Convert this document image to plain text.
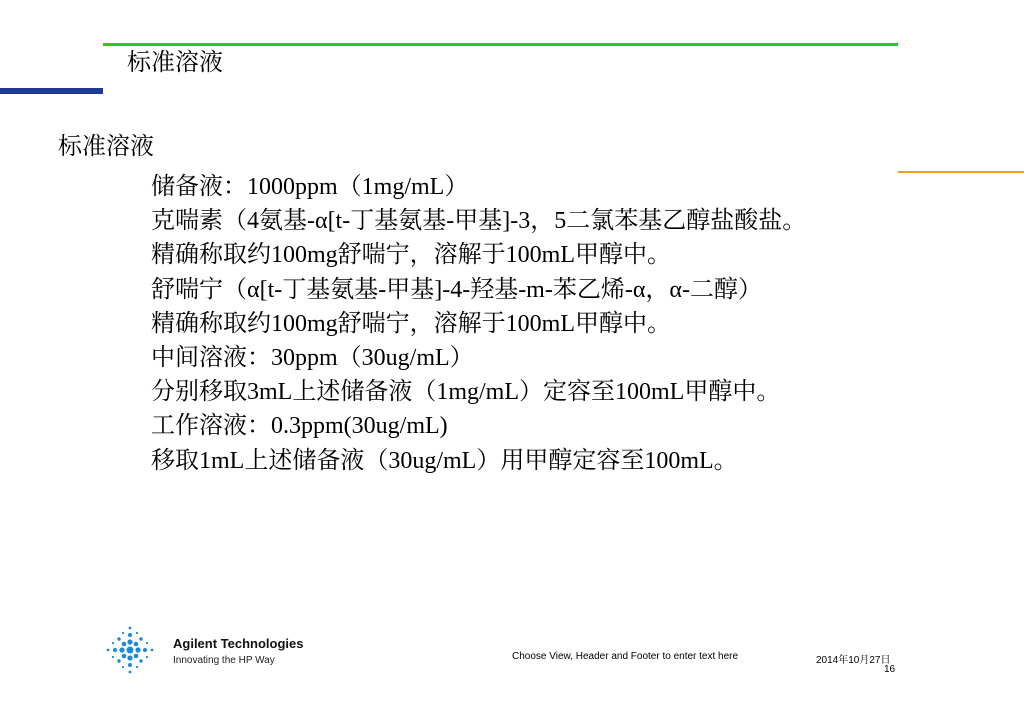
标准溶液
标准溶液
储备液：1000ppm（1mg/mL）
克喘素（4氨基-α[t-丁基氨基-甲基]-3，5二氯苯基乙醇盐酸盐。
精确称取约100mg舒喘宁，溶解于100mL甲醇中。
舒喘宁（α[t-丁基氨基-甲基]-4-羟基-m-苯乙烯-α，α-二醇）
精确称取约100mg舒喘宁，溶解于100mL甲醇中。
中间溶液：30ppm（30ug/mL）
分别移取3mL上述储备液（1mg/mL）定容至100mL甲醇中。
工作溶液：0.3ppm(30ug/mL)
移取1mL上述储备液（30ug/mL）用甲醇定容至100mL。
Agilent Technologies
Innovating the HP Way	Choose View, Header and Footer to enter text here	2014年10月27日
16
